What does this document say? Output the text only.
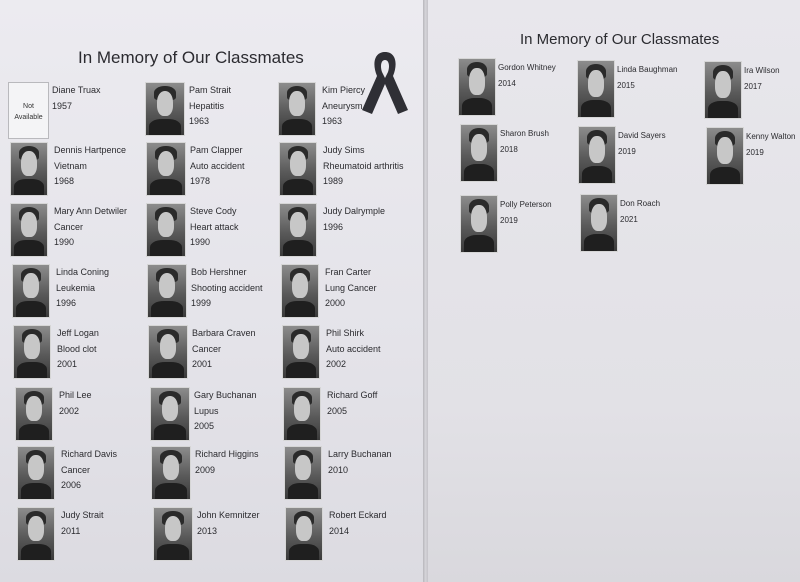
In Memory of Our Classmates
In Memory of Our Classmates
Not
Available
Diane Truax
1957
Pam Strait
Hepatitis
1963
Kim Piercy
Aneurysm
1963
Dennis Hartpence
Vietnam
1968
Pam Clapper
Auto accident
1978
Judy Sims
Rheumatoid arthritis
1989
Mary Ann Detwiler
Cancer
1990
Steve Cody
Heart attack
1990
Judy Dalrymple
1996
Linda Coning
Leukemia
1996
Bob Hershner
Shooting accident
1999
Fran Carter
Lung Cancer
2000
Jeff Logan
Blood clot
2001
Barbara Craven
Cancer
2001
Phil Shirk
Auto accident
2002
Phil Lee
2002
Gary Buchanan
Lupus
2005
Richard Goff
2005
Richard Davis
Cancer
2006
Richard Higgins
2009
Larry Buchanan
2010
Judy Strait
2011
John Kemnitzer
2013
Robert Eckard
2014
Gordon Whitney
2014
Linda Baughman
2015
Ira Wilson
2017
Sharon Brush
2018
David Sayers
2019
Kenny Walton
2019
Polly Peterson
2019
Don Roach
2021
